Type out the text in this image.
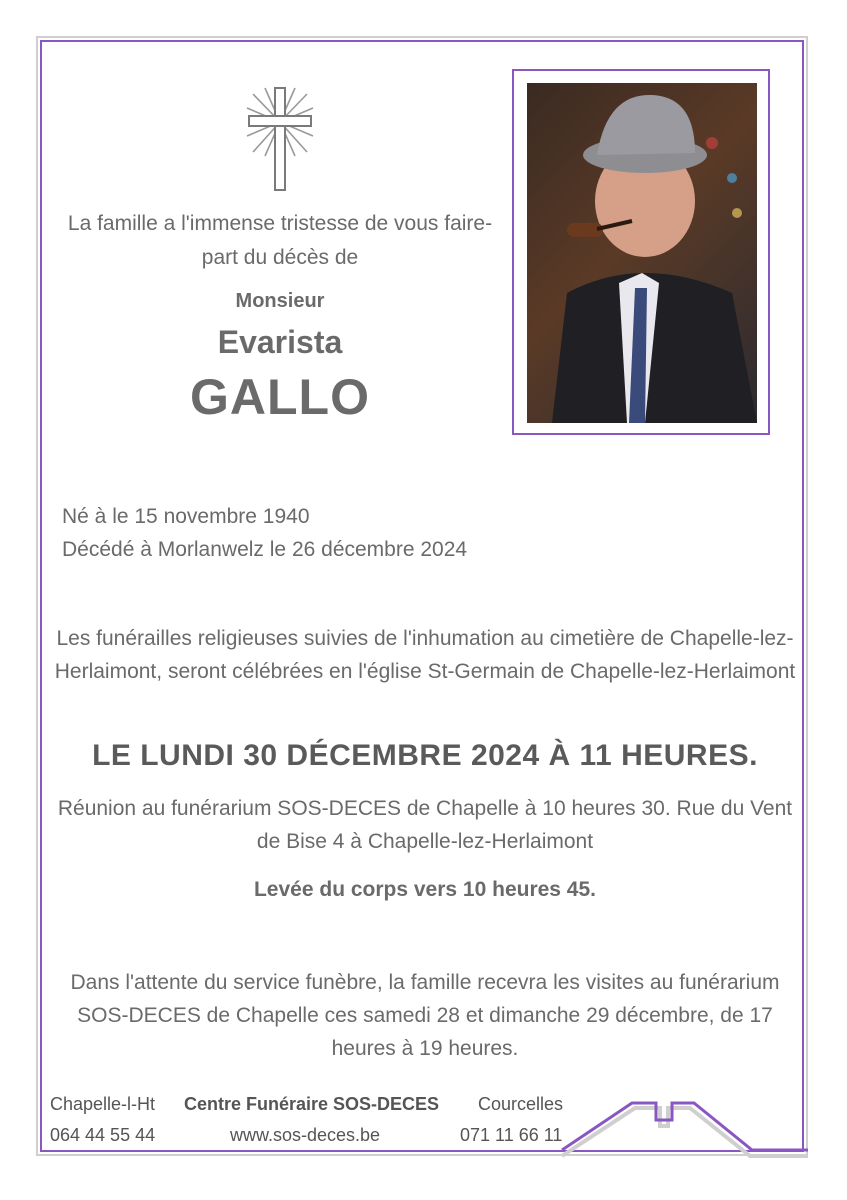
La famille a l'immense tristesse de vous faire-part du décès de
Monsieur
Evarista
GALLO
Né à le 15 novembre 1940
Décédé à Morlanwelz le 26 décembre 2024
Les funérailles religieuses suivies de l'inhumation au cimetière de Chapelle-lez-Herlaimont, seront célébrées en l'église St-Germain de Chapelle-lez-Herlaimont
LE LUNDI 30 DÉCEMBRE 2024 À 11 HEURES.
Réunion au funérarium SOS-DECES de Chapelle à 10 heures 30. Rue du Vent de Bise 4 à Chapelle-lez-Herlaimont
Levée du corps vers 10 heures 45.
Dans l'attente du service funèbre, la famille recevra les visites au funérarium SOS-DECES de Chapelle ces samedi 28 et dimanche 29 décembre, de 17 heures à 19 heures.
Chapelle-l-Ht Centre Funéraire SOS-DECES Courcelles
064 44 55 44	www.sos-deces.be	071 11 66 11
